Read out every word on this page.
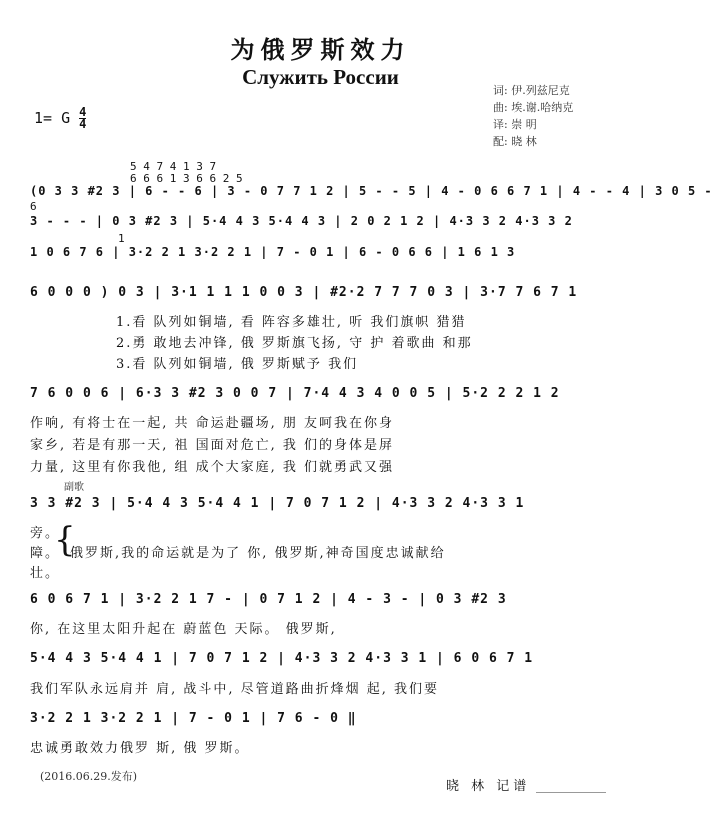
为俄罗斯效力
Служить России
1= G $\frac{4}{4}$
词: 伊.列兹尼克
曲: 埃.谢.哈纳克
译: 崇 明
配: 晓 林
5 4 7 4 1 3 7
6 6 6 1 3 6 6 2 5
(0 3 3 #2 3 | 6 - - 6 | 3 - 0 7 7 1 2 | 5 - - 5 | 4 - 0 6 6 7 1 | 4 - - 4 | 3 0 5 -
6
3 - - - | 0 3 #2 3 | 5·4 4 3 5·4 4 3 | 2 0 2 1 2 | 4·3 3 2 4·3 3 2
1
1 0 6 7 6 | 3·2 2 1 3·2 2 1 | 7 - 0 1 | 6 - 0 6 6 | 1 6 1 3
6 0 0 0 ) 0 3 | 3·1 1 1 1 0 0 3 | #2·2 7 7 7 0 3 | 3·7 7 6 7 1
1.看 队列如铜墙, 看 阵容多雄壮, 听 我们旗帜 猎猎
2.勇 敢地去冲锋, 俄 罗斯旗飞扬, 守 护 着歌曲 和那
3.看 队列如铜墙, 俄 罗斯赋予 我们
7 6 0 0 6 | 6·3 3 #2 3 0 0 7 | 7·4 4 3 4 0 0 5 | 5·2 2 2 1 2
作响, 有将士在一起, 共 命运赴疆场, 朋 友呵我在你身
家乡, 若是有那一天, 祖 国面对危亡, 我 们的身体是屏
力量, 这里有你我他, 组 成个大家庭, 我 们就勇武又强
副歌
3 3 #2 3 | 5·4 4 3 5·4 4 1 | 7 0 7 1 2 | 4·3 3 2 4·3 3 1
旁。
障。
壮。
{
俄罗斯,我的命运就是为了 你, 俄罗斯,神奇国度忠诚献给
6 0 6 7 1 | 3·2 2 1 7 - | 0 7 1 2 | 4 - 3 - | 0 3 #2 3
你, 在这里太阳升起在 蔚蓝色 天际。 俄罗斯,
5·4 4 3 5·4 4 1 | 7 0 7 1 2 | 4·3 3 2 4·3 3 1 | 6 0 6 7 1
我们军队永远肩并 肩, 战斗中, 尽管道路曲折烽烟 起, 我们要
3·2 2 1 3·2 2 1 | 7 - 0 1 | 7 6 - 0 ‖
忠诚勇敢效力俄罗 斯, 俄 罗斯。
(2016.06.29.发布)
晓 林 记谱
